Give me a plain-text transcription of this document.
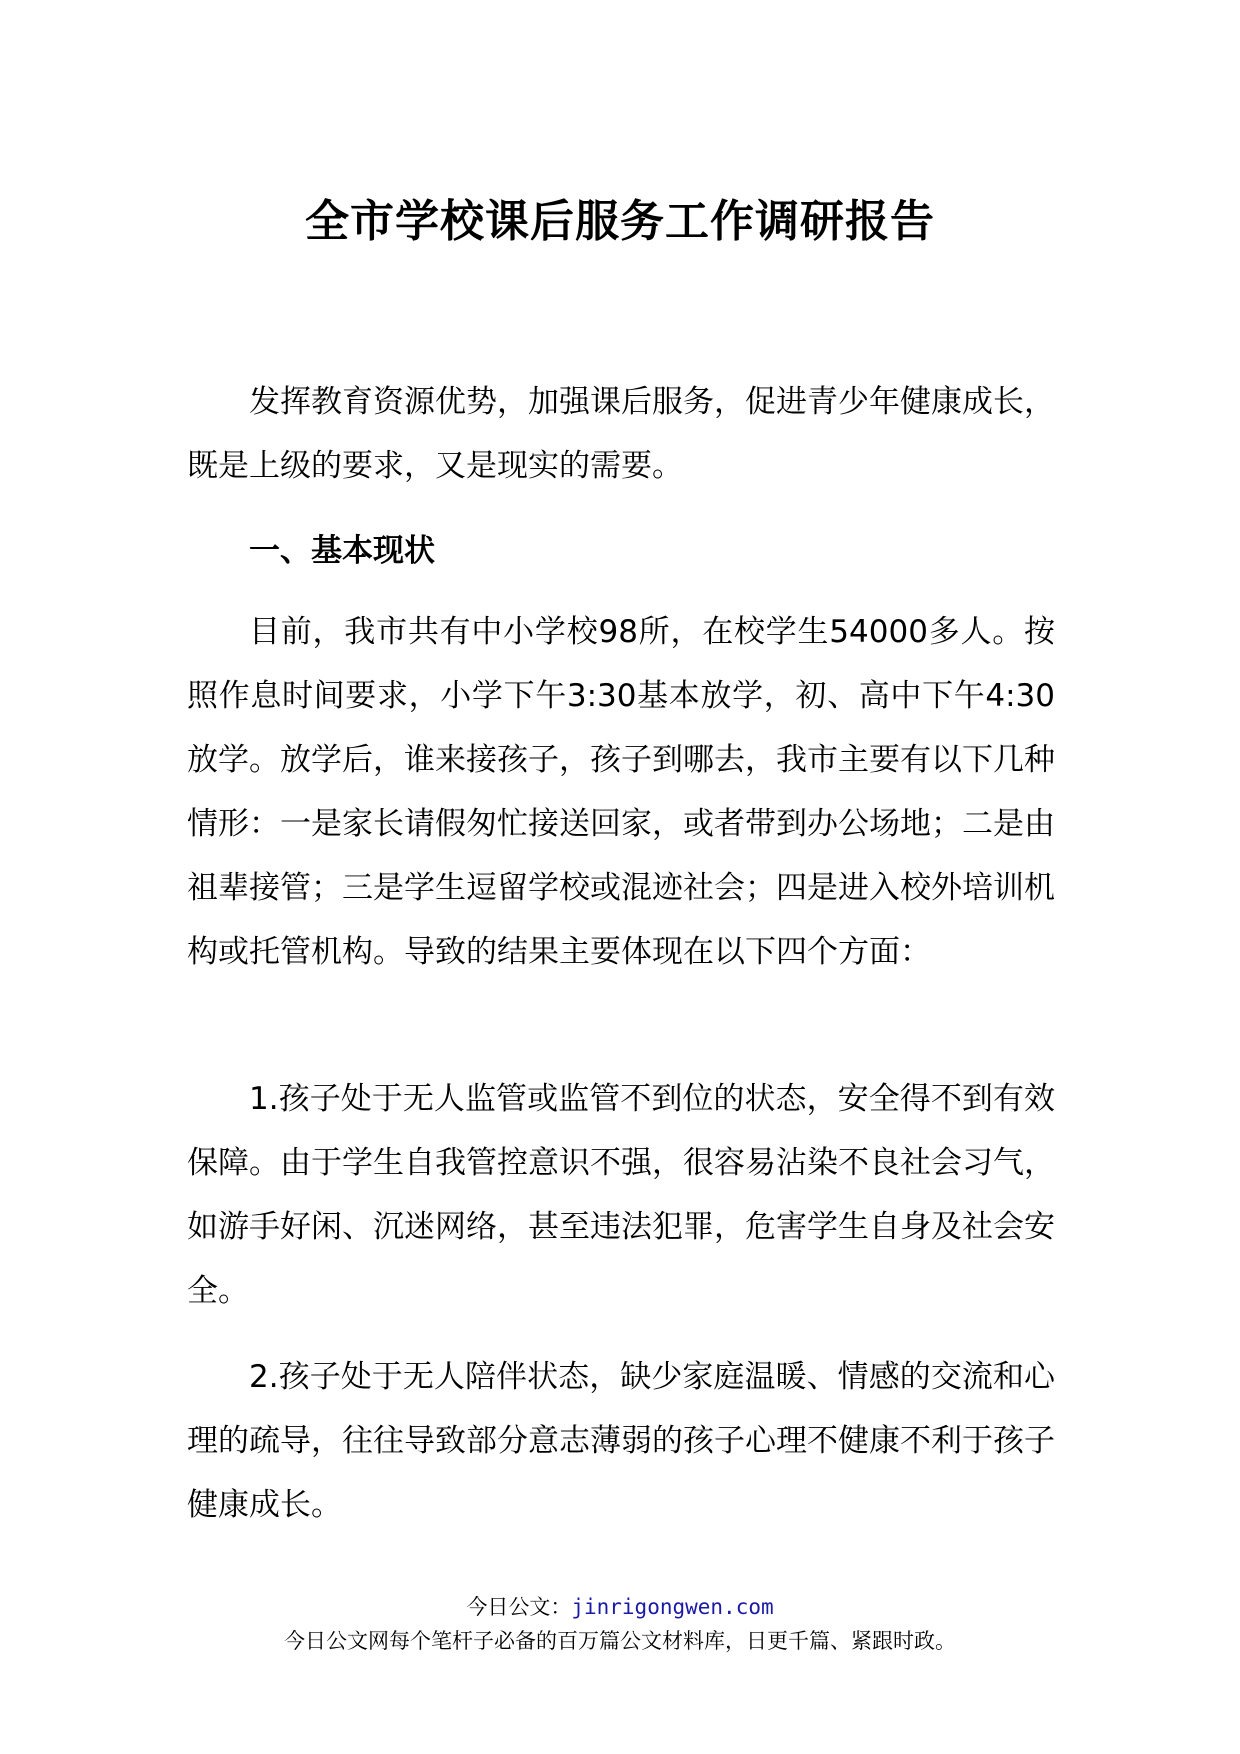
全市学校课后服务工作调研报告

发挥教育资源优势，加强课后服务，促进青少年健康成长，既是上级的要求，又是现实的需要。

一、基本现状

目前，我市共有中小学校98所，在校学生54000多人。按照作息时间要求，小学下午3:30基本放学，初、高中下午4:30放学。放学后，谁来接孩子，孩子到哪去，我市主要有以下几种情形：一是家长请假匆忙接送回家，或者带到办公场地；二是由祖辈接管；三是学生逗留学校或混迹社会；四是进入校外培训机构或托管机构。导致的结果主要体现在以下四个方面：

1.孩子处于无人监管或监管不到位的状态，安全得不到有效保障。由于学生自我管控意识不强，很容易沾染不良社会习气，如游手好闲、沉迷网络，甚至违法犯罪，危害学生自身及社会安全。

2.孩子处于无人陪伴状态，缺少家庭温暖、情感的交流和心理的疏导，往往导致部分意志薄弱的孩子心理不健康不利于孩子健康成长。

今日公文：jinrigongwen.com

今日公文网每个笔杆子必备的百万篇公文材料库，日更千篇、紧跟时政。
